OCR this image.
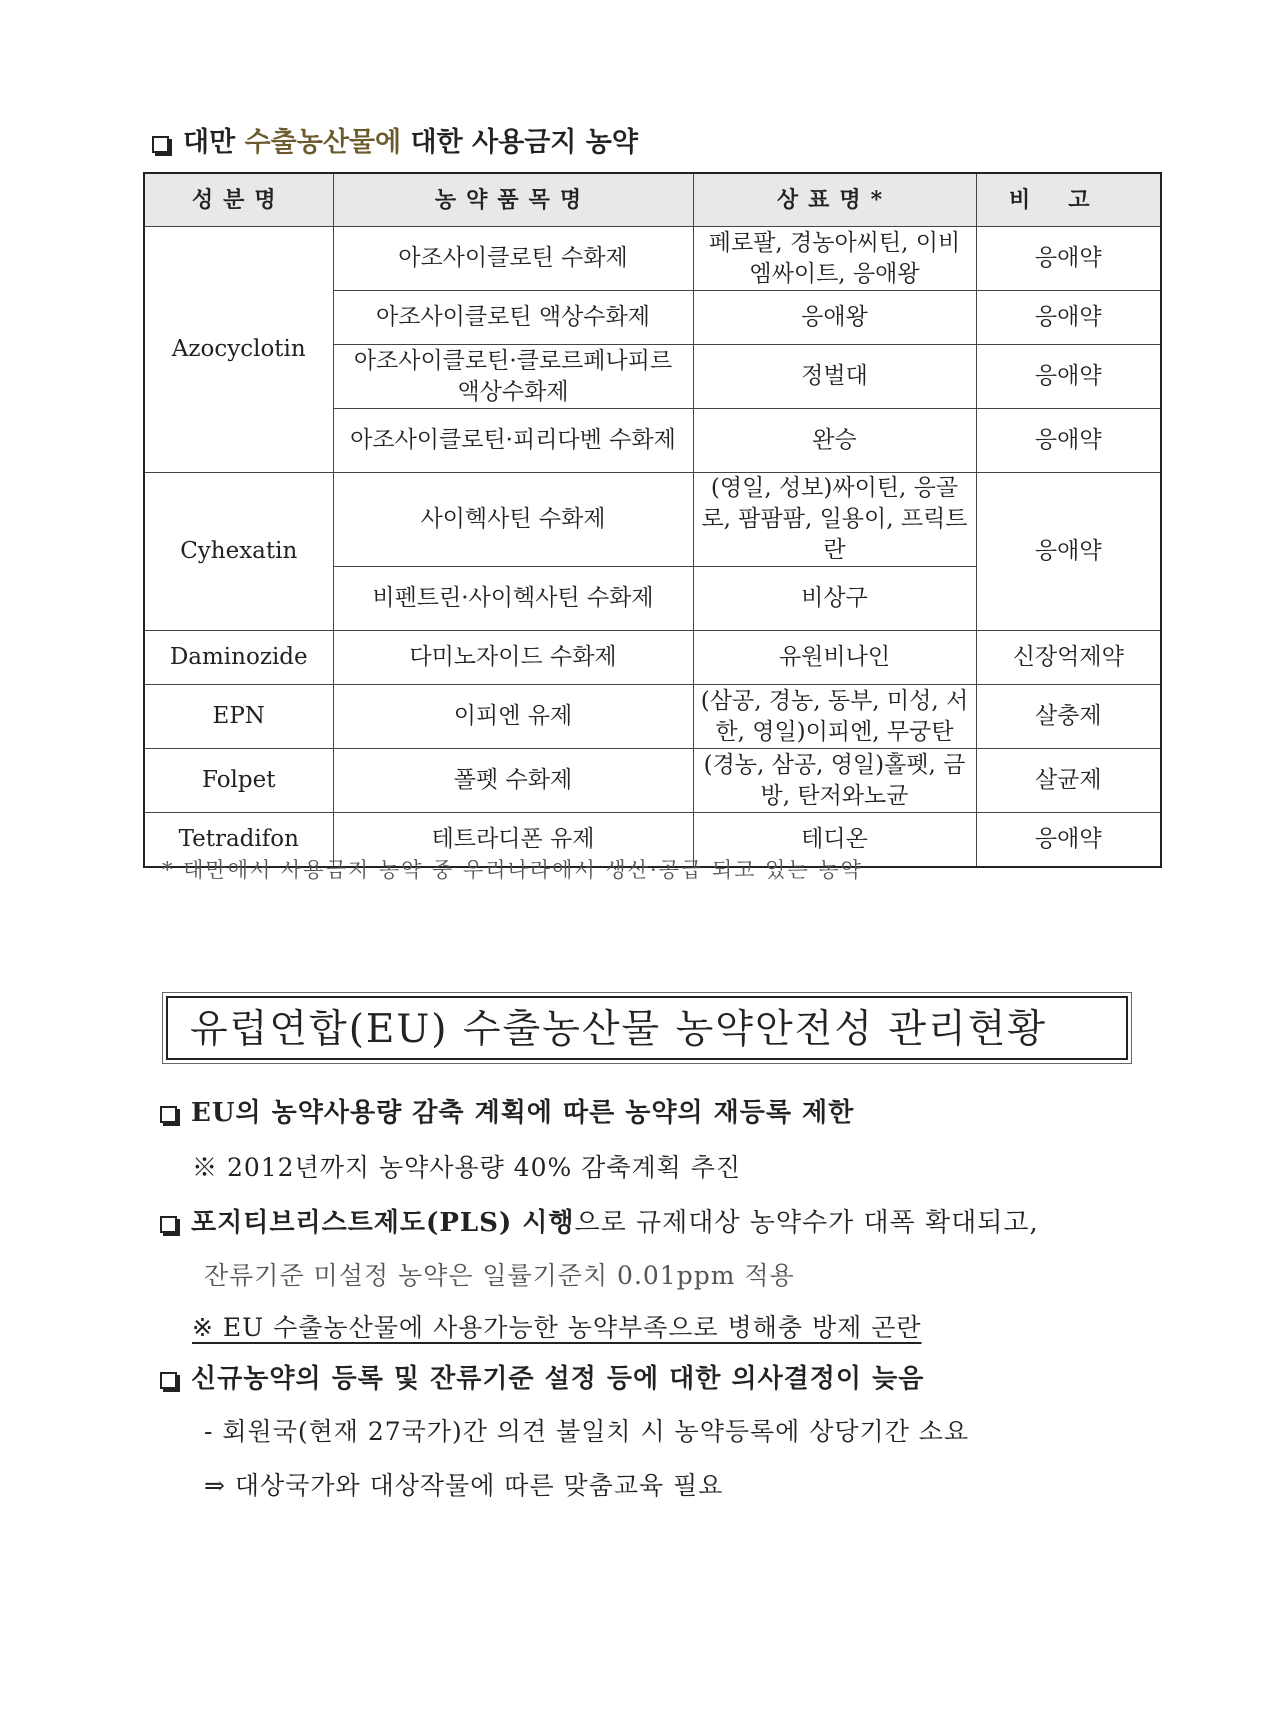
대만 수출농산물에 대한 사용금지 농약
성분명	농약품목명	상표명*	비고
Azocyclotin	아조사이클로틴 수화제	페로팔, 경농아씨틴, 이비엠싸이트, 응애왕	응애약
	아조사이클로틴 액상수화제	응애왕	응애약
	아조사이클로틴·클로르페나피르 액상수화제	정벌대	응애약
	아조사이클로틴·피리다벤 수화제	완승	응애약
Cyhexatin	사이헥사틴 수화제	(영일, 성보)싸이틴, 응골로, 팜팜팜, 일용이, 프릭트란	응애약
	비펜트린·사이헥사틴 수화제	비상구	
Daminozide	다미노자이드 수화제	유원비나인	신장억제약
EPN	이피엔 유제	(삼공, 경농, 동부, 미성, 서한, 영일)이피엔, 무궁탄	살충제
Folpet	폴펫 수화제	(경농, 삼공, 영일)홀펫, 금방, 탄저와노균	살균제
Tetradifon	테트라디폰 유제	테디온	응애약
* 대만에서 사용금지 농약 중 우리나라에서 생산·공급 되고 있는 농약
유럽연합(EU) 수출농산물 농약안전성 관리현황
EU의 농약사용량 감축 계획에 따른 농약의 재등록 제한
※ 2012년까지 농약사용량 40% 감축계획 추진
포지티브리스트제도(PLS) 시행으로 규제대상 농약수가 대폭 확대되고,
잔류기준 미설정 농약은 일률기준치 0.01ppm 적용
※ EU 수출농산물에 사용가능한 농약부족으로 병해충 방제 곤란
신규농약의 등록 및 잔류기준 설정 등에 대한 의사결정이 늦음
- 회원국(현재 27국가)간 의견 불일치 시 농약등록에 상당기간 소요
⇒ 대상국가와 대상작물에 따른 맞춤교육 필요
